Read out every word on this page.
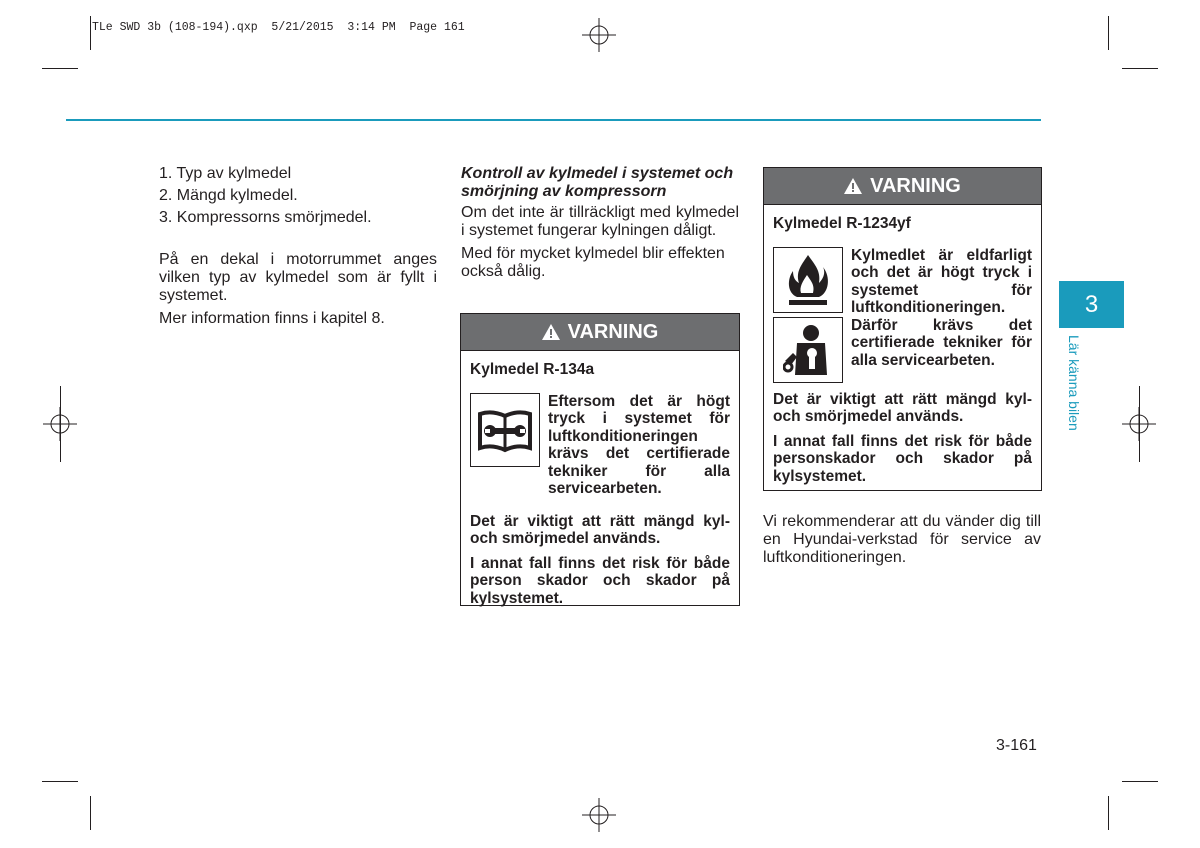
TLe SWD 3b (108-194).qxp  5/21/2015  3:14 PM  Page 161

1. Typ av kylmedel

2. Mängd kylmedel.

3. Kompressorns smörjmedel.

På en dekal i motorrummet anges vilken typ av kylmedel som är fyllt i systemet.

Mer information finns i kapitel 8.

Kontroll av kylmedel i systemet och smörjning av kompressorn

Om det inte är tillräckligt med kylmedel i systemet fungerar kylningen dåligt.

Med för mycket kylmedel blir effekten också dålig.

VARNING

Kylmedel R-134a

Eftersom det är högt tryck i systemet för luftkonditioneringen krävs det certifierade tekniker för alla servicearbeten.

Det är viktigt att rätt mängd kyl-och smörjmedel används.

I annat fall finns det risk för både person skador och skador på kylsystemet.

VARNING

Kylmedel R-1234yf

Kylmedlet är eldfarligt och det är högt tryck i systemet för luftkonditioneringen. Därför krävs det certifierade tekniker för alla servicearbeten.

Det är viktigt att rätt mängd kyl-och smörjmedel används.

I annat fall finns det risk för både personskador och skador på kylsystemet.

Vi rekommenderar att du vänder dig till en Hyundai-verkstad för service av luftkonditioneringen.

3
Lär känna bilen
3-161
